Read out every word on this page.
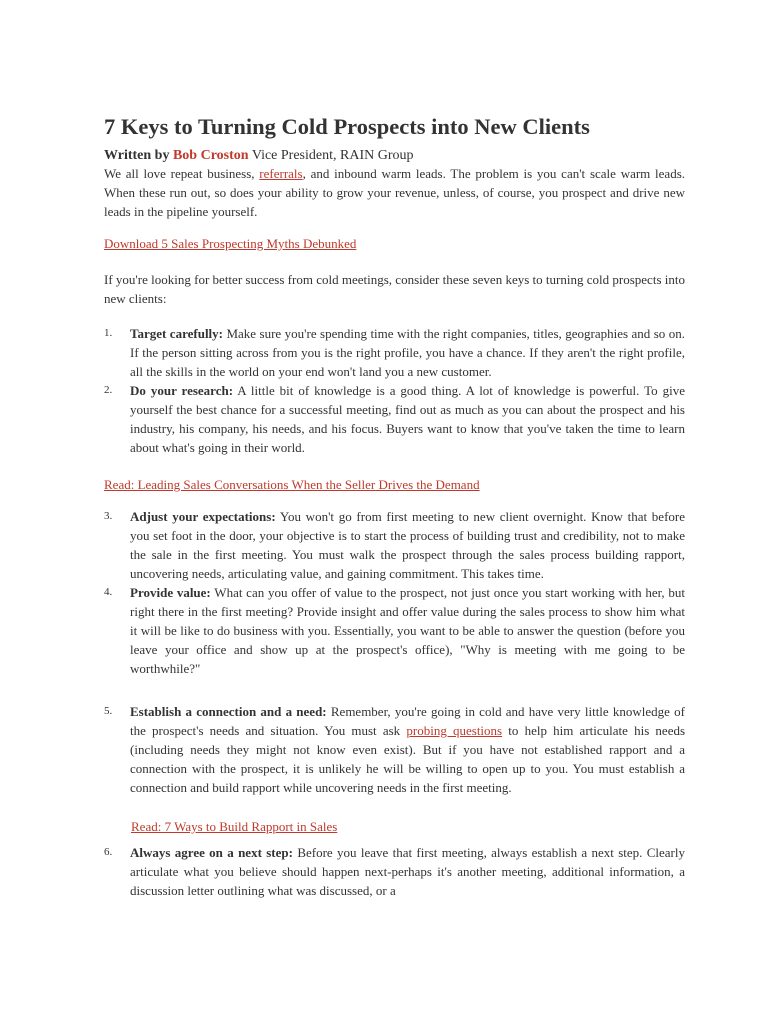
7 Keys to Turning Cold Prospects into New Clients

Written by Bob Croston Vice President, RAIN Group

We all love repeat business, referrals, and inbound warm leads. The problem is you can't scale warm leads. When these run out, so does your ability to grow your revenue, unless, of course, you prospect and drive new leads in the pipeline yourself.

Download 5 Sales Prospecting Myths Debunked

If you're looking for better success from cold meetings, consider these seven keys to turning cold prospects into new clients:

1.	Target carefully: Make sure you're spending time with the right companies, titles, geographies and so on. If the person sitting across from you is the right profile, you have a chance. If they aren't the right profile, all the skills in the world on your end won't land you a new customer.
2.	Do your research: A little bit of knowledge is a good thing. A lot of knowledge is powerful. To give yourself the best chance for a successful meeting, find out as much as you can about the prospect and his industry, his company, his needs, and his focus. Buyers want to know that you've taken the time to learn about what's going in their world.
Read: Leading Sales Conversations When the Seller Drives the Demand
3.	Adjust your expectations: You won't go from first meeting to new client overnight. Know that before you set foot in the door, your objective is to start the process of building trust and credibility, not to make the sale in the first meeting. You must walk the prospect through the sales process building rapport, uncovering needs, articulating value, and gaining commitment. This takes time.
4.	Provide value: What can you offer of value to the prospect, not just once you start working with her, but right there in the first meeting? Provide insight and offer value during the sales process to show him what it will be like to do business with you. Essentially, you want to be able to answer the question (before you leave your office and show up at the prospect's office), "Why is meeting with me going to be worthwhile?"
5.	Establish a connection and a need: Remember, you're going in cold and have very little knowledge of the prospect's needs and situation. You must ask probing questions to help him articulate his needs (including needs they might not know even exist). But if you have not established rapport and a connection with the prospect, it is unlikely he will be willing to open up to you. You must establish a connection and build rapport while uncovering needs in the first meeting.
Read: 7 Ways to Build Rapport in Sales
6.	Always agree on a next step: Before you leave that first meeting, always establish a next step. Clearly articulate what you believe should happen next-perhaps it's another meeting, additional information, a discussion letter outlining what was discussed, or a
